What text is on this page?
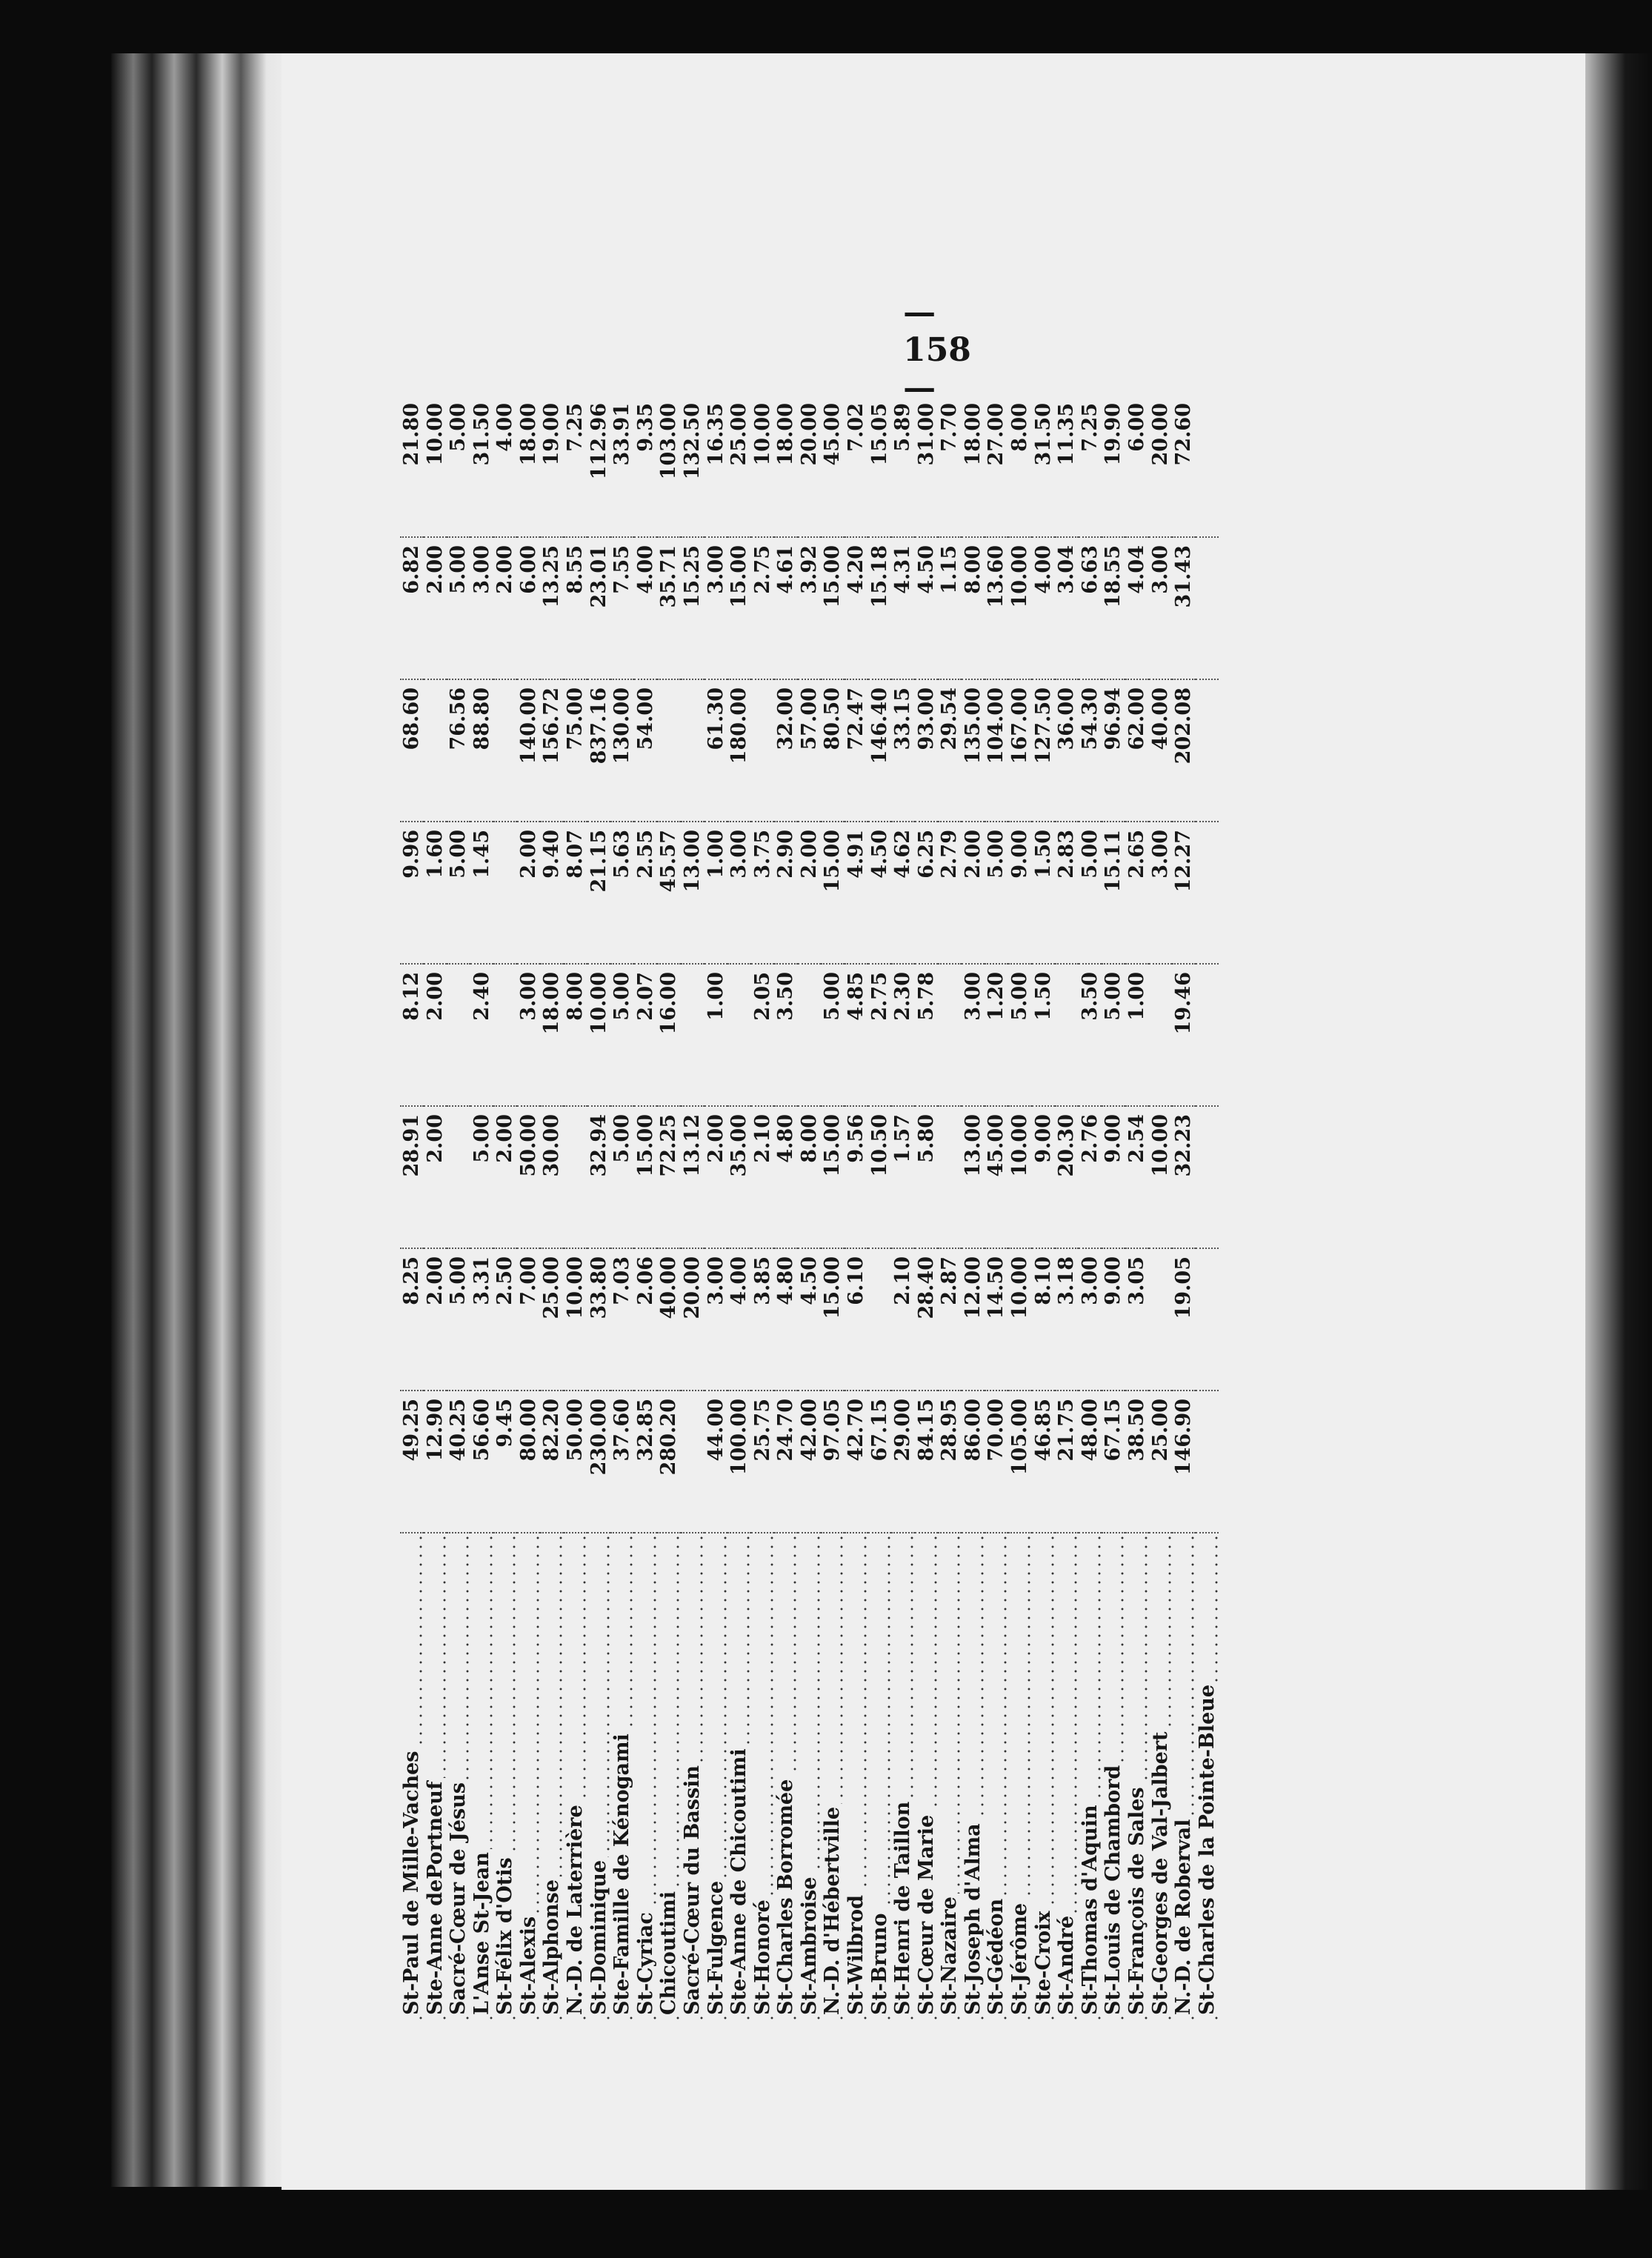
St-Paul de Mille-Vaches	49.25	8.25	28.91	8.12	9.96	68.60	6.82	21.80
Ste-Anne dePortneuf	12.90	2.00	2.00	2.00	1.60		2.00	10.00
Sacré-Cœur de Jésus	40.25	5.00			5.00	76.56	5.00	5.00
L'Anse St-Jean	56.60	3.31	5.00	2.40	1.45	88.80	3.00	31.50
St-Félix d'Otis	9.45	2.50	2.00				2.00	4.00
St-Alexis	80.00	7.00	50.00	3.00	2.00	140.00	6.00	18.00
St-Alphonse	82.20	25.00	30.00	18.00	9.40	156.72	13.25	19.00
N.-D. de Laterrière	50.00	10.00		8.00	8.07	75.00	8.55	7.25
St-Dominique	230.00	33.80	32.94	10.00	21.15	837.16	23.01	112.96
Ste-Famille de Kénogami	37.60	7.03	5.00	5.00	5.63	130.00	7.55	33.91
St-Cyriac	32.85	2.06	15.00	2.07	2.55	54.00	4.00	9.35
Chicoutimi	280.20	40.00	72.25	16.00	45.57		35.71	103.00
Sacré-Cœur du Bassin		20.00	13.12		13.00		15.25	132.50
St-Fulgence	44.00	3.00	2.00	1.00	1.00	61.30	3.00	16.35
Ste-Anne de Chicoutimi	100.00	4.00	35.00		3.00	180.00	15.00	25.00
St-Honoré	25.75	3.85	2.10	2.05	3.75		2.75	10.00
St-Charles Borromée	24.70	4.80	4.80	3.50	2.90	32.00	4.61	18.00
St-Ambroise	42.00	4.50	8.00		2.00	57.00	3.92	20.00
N.-D. d'Hébertville	97.05	15.00	15.00	5.00	15.00	80.50	15.00	45.00
St-Wilbrod	42.70	6.10	9.56	4.85	4.91	72.47	4.20	7.02
St-Bruno	67.15		10.50	2.75	4.50	146.40	15.18	15.05
St-Henri de Taillon	29.00	2.10	1.57	2.30	4.62	33.15	4.31	5.89
St-Cœur de Marie	84.15	28.40	5.80	5.78	6.25	93.00	4.50	31.00
St-Nazaire	28.95	2.87			2.79	29.54	1.15	7.70
St-Joseph d'Alma	86.00	12.00	13.00	3.00	2.00	135.00	8.00	18.00
St-Gédéon	70.00	14.50	45.00	1.20	5.00	104.00	13.60	27.00
St-Jérôme	105.00	10.00	10.00	5.00	9.00	167.00	10.00	8.00
Ste-Croix	46.85	8.10	9.00	1.50	1.50	127.50	4.00	31.50
St-André	21.75	3.18	20.30		2.83	36.00	3.04	11.35
St-Thomas d'Aquin	48.00	3.00	2.76	3.50	5.00	54.30	6.63	7.25
St-Louis de Chambord	67.15	9.00	9.00	5.00	15.11	96.94	18.55	19.90
St-François de Sales	38.50	3.05	2.54	1.00	2.65	62.00	4.04	6.00
St-Georges de Val-Jalbert	25.00		10.00		3.00	40.00	3.00	20.00
N.-D. de Roberval	146.90	19.05	32.23	19.46	12.27	202.08	31.43	72.60
St-Charles de la Pointe-Bleue								
— 158 —
